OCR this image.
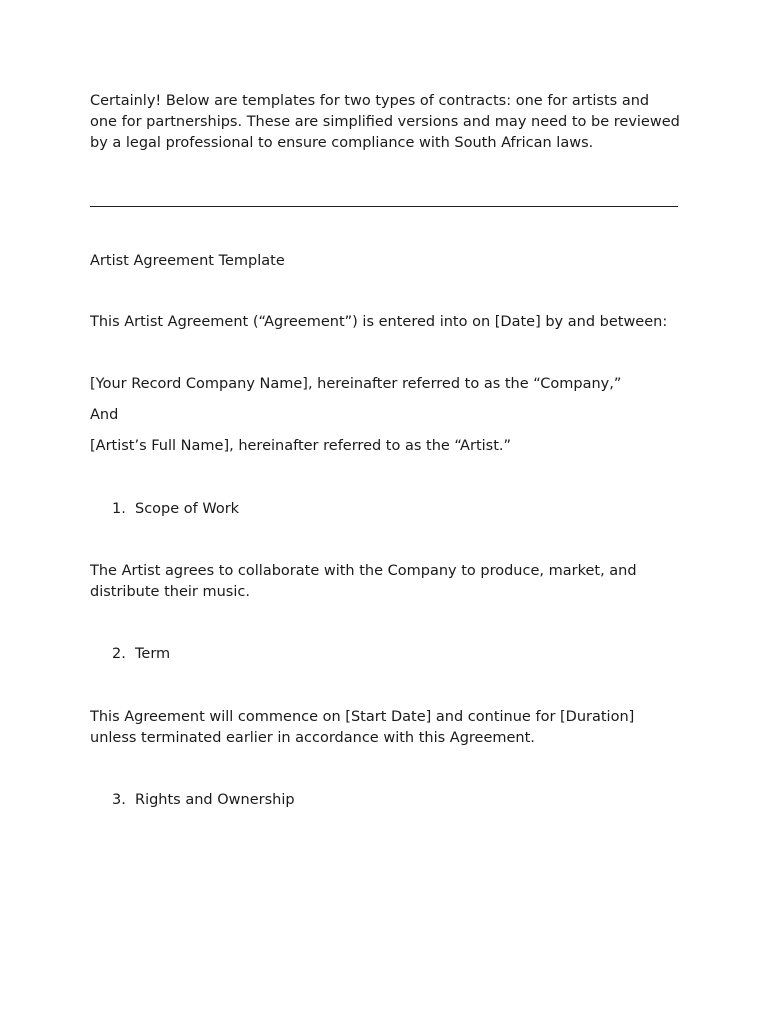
Certainly! Below are templates for two types of contracts: one for artists and one for partnerships. These are simplified versions and may need to be reviewed by a legal professional to ensure compliance with South African laws.

Artist Agreement Template

This Artist Agreement (“Agreement”) is entered into on [Date] by and between:

[Your Record Company Name], hereinafter referred to as the “Company,”

And

[Artist’s Full Name], hereinafter referred to as the “Artist.”

1. Scope of Work

The Artist agrees to collaborate with the Company to produce, market, and distribute their music.

2. Term

This Agreement will commence on [Start Date] and continue for [Duration] unless terminated earlier in accordance with this Agreement.

3. Rights and Ownership
